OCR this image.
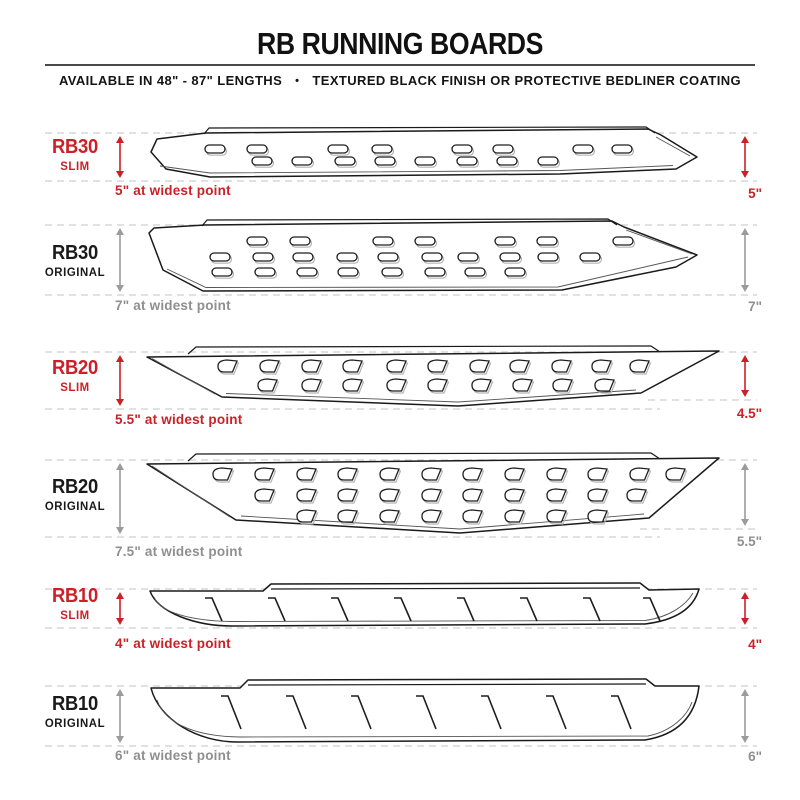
RB RUNNING BOARDS
AVAILABLE IN 48" - 87" LENGTHS • TEXTURED BLACK FINISH OR PROTECTIVE BEDLINER COATING
RB30
SLIM
5" at widest point	5"
RB30
ORIGINAL
7" at widest point	7"
RB20
SLIM
5.5" at widest point	4.5"
RB20
ORIGINAL
7.5" at widest point
5.5"
RB10
SLIM
4" at widest point	4"
RB10
ORIGINAL
6" at widest point	6"
